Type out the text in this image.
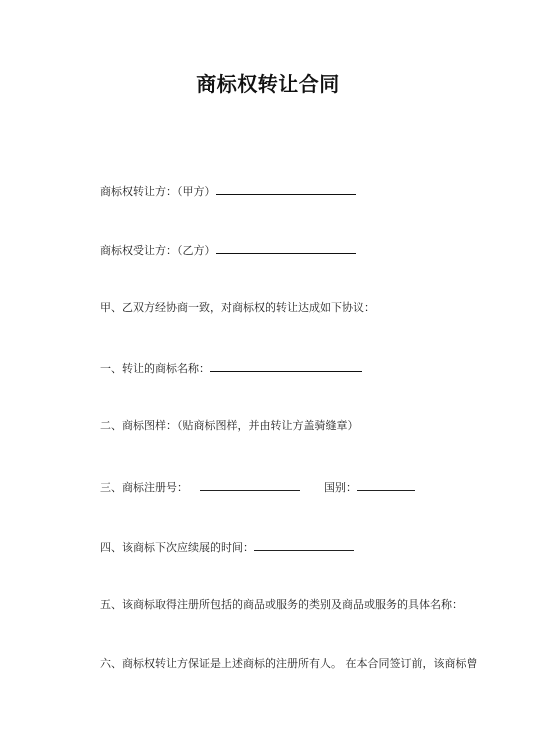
商标权转让合同
商标权转让方：（甲方）
商标权受让方：（乙方）
甲、乙双方经协商一致，对商标权的转让达成如下协议：
一、转让的商标名称：
二、商标图样：（贴商标图样，并由转让方盖骑缝章）
三、商标注册号：	国别：
四、该商标下次应续展的时间：
五、该商标取得注册所包括的商品或服务的类别及商品或服务的具体名称：
六、商标权转让方保证是上述商标的注册所有人。 在本合同签订前，该商标曾
